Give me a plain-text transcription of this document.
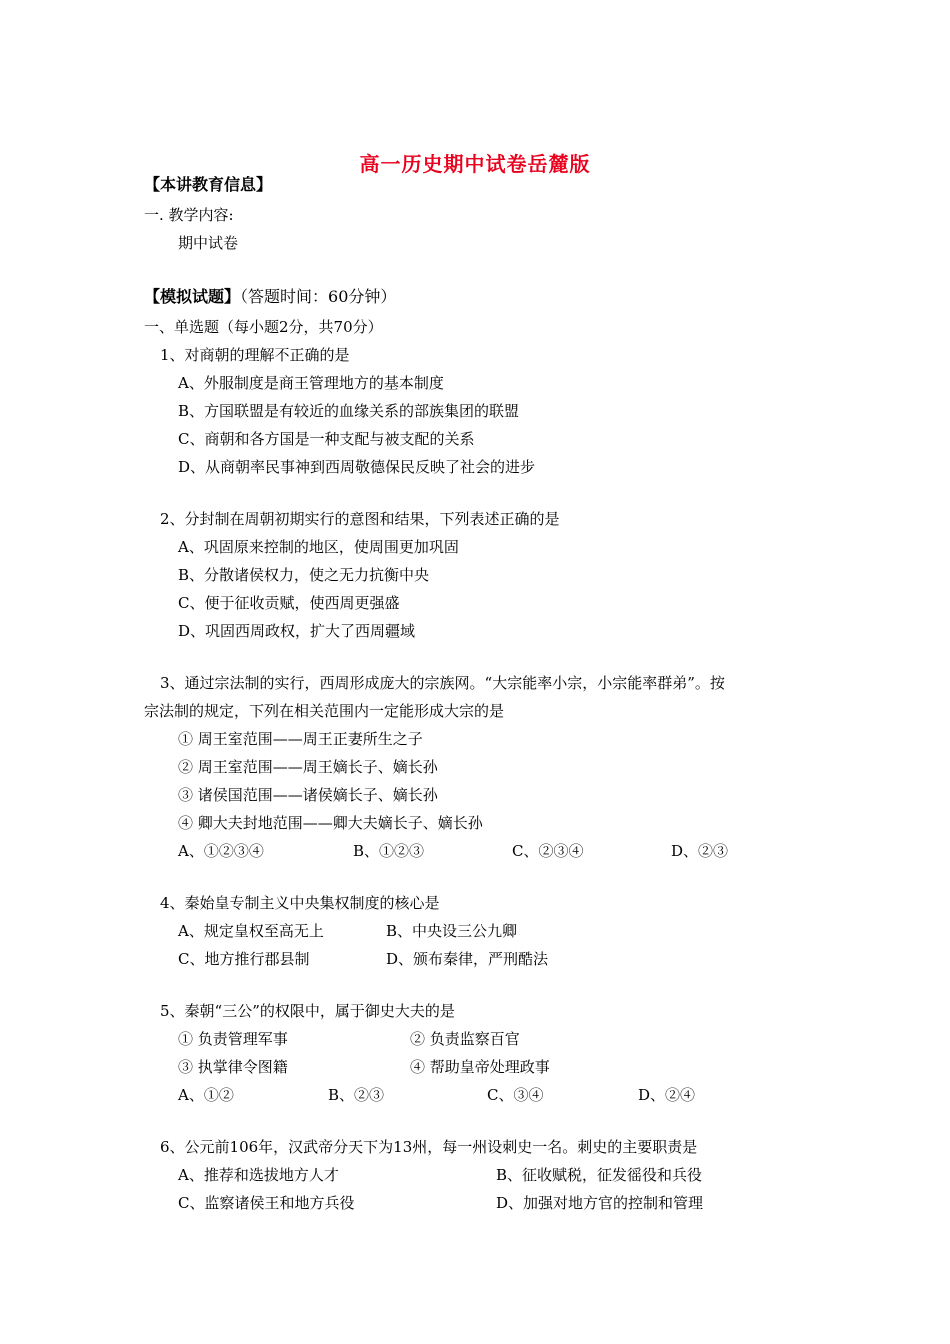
高一历史期中试卷岳麓版
【本讲教育信息】
一. 教学内容:
期中试卷
【模拟试题】（答题时间：60分钟）
一、单选题（每小题2分，共70分）
1、对商朝的理解不正确的是
A、外服制度是商王管理地方的基本制度
B、方国联盟是有较近的血缘关系的部族集团的联盟
C、商朝和各方国是一种支配与被支配的关系
D、从商朝率民事神到西周敬德保民反映了社会的进步
2、分封制在周朝初期实行的意图和结果，下列表述正确的是
A、巩固原来控制的地区，使周围更加巩固
B、分散诸侯权力，使之无力抗衡中央
C、便于征收贡赋，使西周更强盛
D、巩固西周政权，扩大了西周疆域
3、通过宗法制的实行，西周形成庞大的宗族网。“大宗能率小宗，小宗能率群弟”。按
宗法制的规定，下列在相关范围内一定能形成大宗的是
① 周王室范围——周王正妻所生之子
② 周王室范围——周王嫡长子、嫡长孙
③ 诸侯国范围——诸侯嫡长子、嫡长孙
④ 卿大夫封地范围——卿大夫嫡长子、嫡长孙
A、①②③④	B、①②③	C、②③④	D、②③
4、秦始皇专制主义中央集权制度的核心是
A、规定皇权至高无上	B、中央设三公九卿
C、地方推行郡县制	D、颁布秦律，严刑酷法
5、秦朝“三公”的权限中，属于御史大夫的是
① 负责管理军事	② 负责监察百官
③ 执掌律令图籍	④ 帮助皇帝处理政事
A、①②	B、②③	C、③④	D、②④
6、公元前106年，汉武帝分天下为13州，每一州设刺史一名。刺史的主要职责是
A、推荐和选拔地方人才	B、征收赋税，征发徭役和兵役
C、监察诸侯王和地方兵役	D、加强对地方官的控制和管理
